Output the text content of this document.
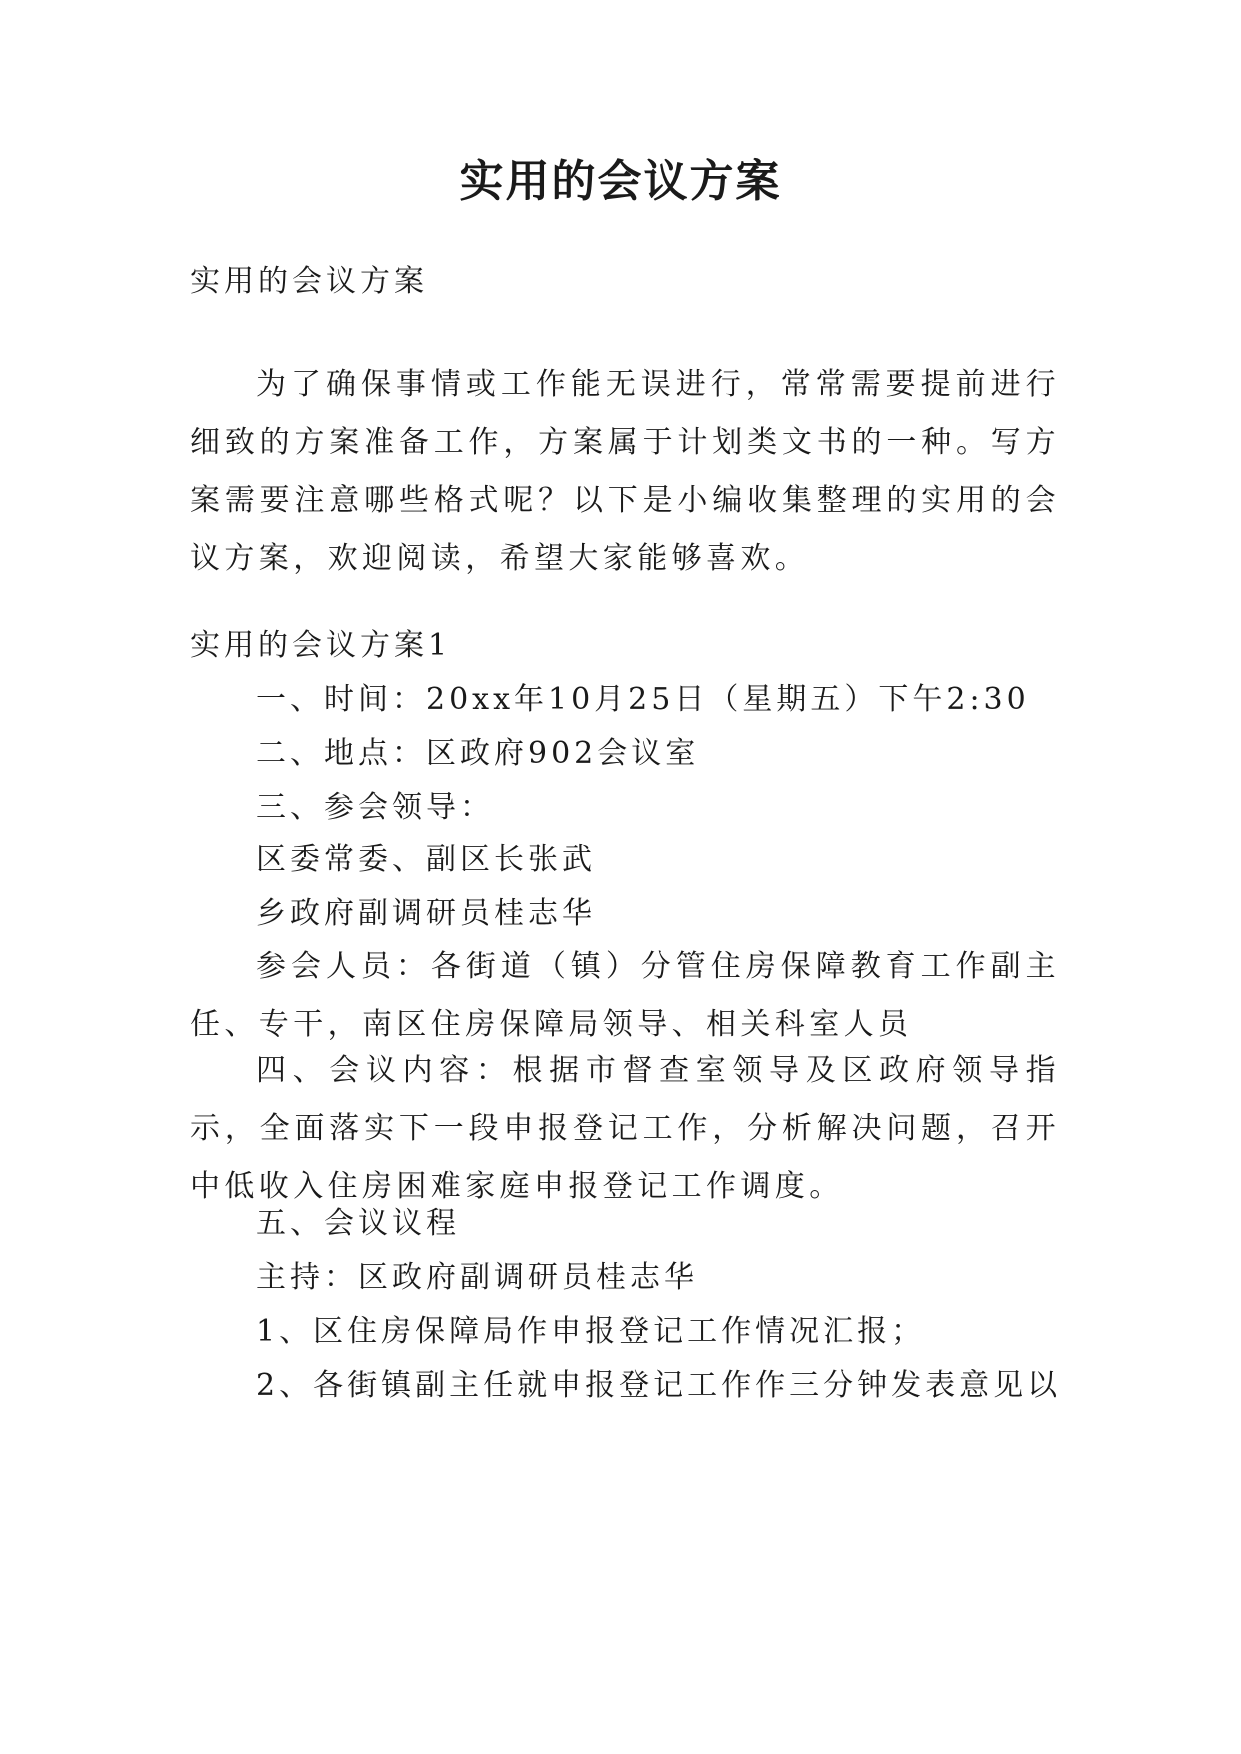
实用的会议方案

实用的会议方案

为了确保事情或工作能无误进行，常常需要提前进行细致的方案准备工作，方案属于计划类文书的一种。写方案需要注意哪些格式呢？以下是小编收集整理的实用的会议方案，欢迎阅读，希望大家能够喜欢。

实用的会议方案1

一、时间：20xx年10月25日（星期五）下午2:30

二、地点：区政府902会议室

三、参会领导：

区委常委、副区长张武

乡政府副调研员桂志华

参会人员：各街道（镇）分管住房保障教育工作副主任、专干，南区住房保障局领导、相关科室人员

四、会议内容：根据市督查室领导及区政府领导指示，全面落实下一段申报登记工作，分析解决问题，召开中低收入住房困难家庭申报登记工作调度。

五、会议议程

主持：区政府副调研员桂志华

1、区住房保障局作申报登记工作情况汇报；

2、各街镇副主任就申报登记工作作三分钟发表意见以
